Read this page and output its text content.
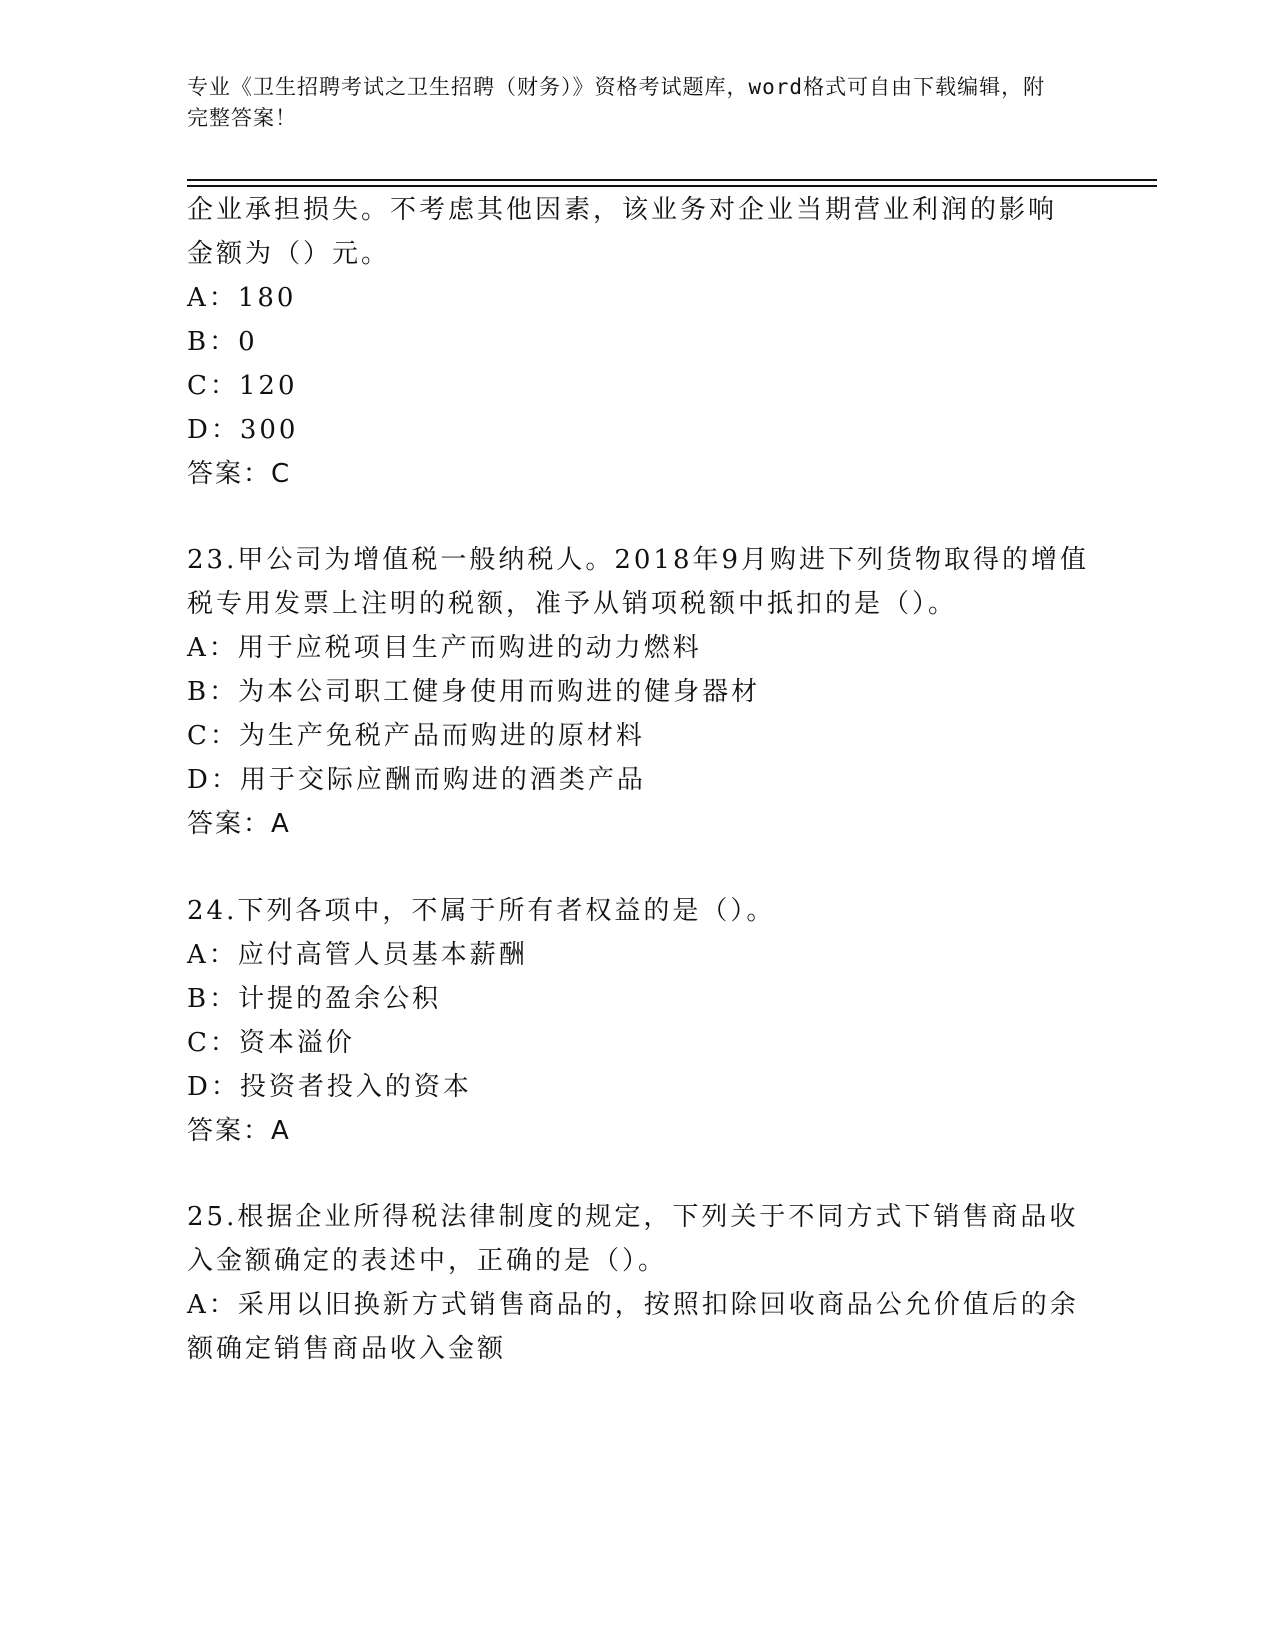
专业《卫生招聘考试之卫生招聘（财务）》资格考试题库，word格式可自由下载编辑，附完整答案！
企业承担损失。不考虑其他因素，该业务对企业当期营业利润的影响
金额为（）元。
A：180
B：0
C：120
D：300
答案：C
23.甲公司为增值税一般纳税人。2018年9月购进下列货物取得的增值
税专用发票上注明的税额，准予从销项税额中抵扣的是（）。
A：用于应税项目生产而购进的动力燃料
B：为本公司职工健身使用而购进的健身器材
C：为生产免税产品而购进的原材料
D：用于交际应酬而购进的酒类产品
答案：A
24.下列各项中，不属于所有者权益的是（）。
A：应付高管人员基本薪酬
B：计提的盈余公积
C：资本溢价
D：投资者投入的资本
答案：A
25.根据企业所得税法律制度的规定，下列关于不同方式下销售商品收
入金额确定的表述中，正确的是（）。
A：采用以旧换新方式销售商品的，按照扣除回收商品公允价值后的余
额确定销售商品收入金额
